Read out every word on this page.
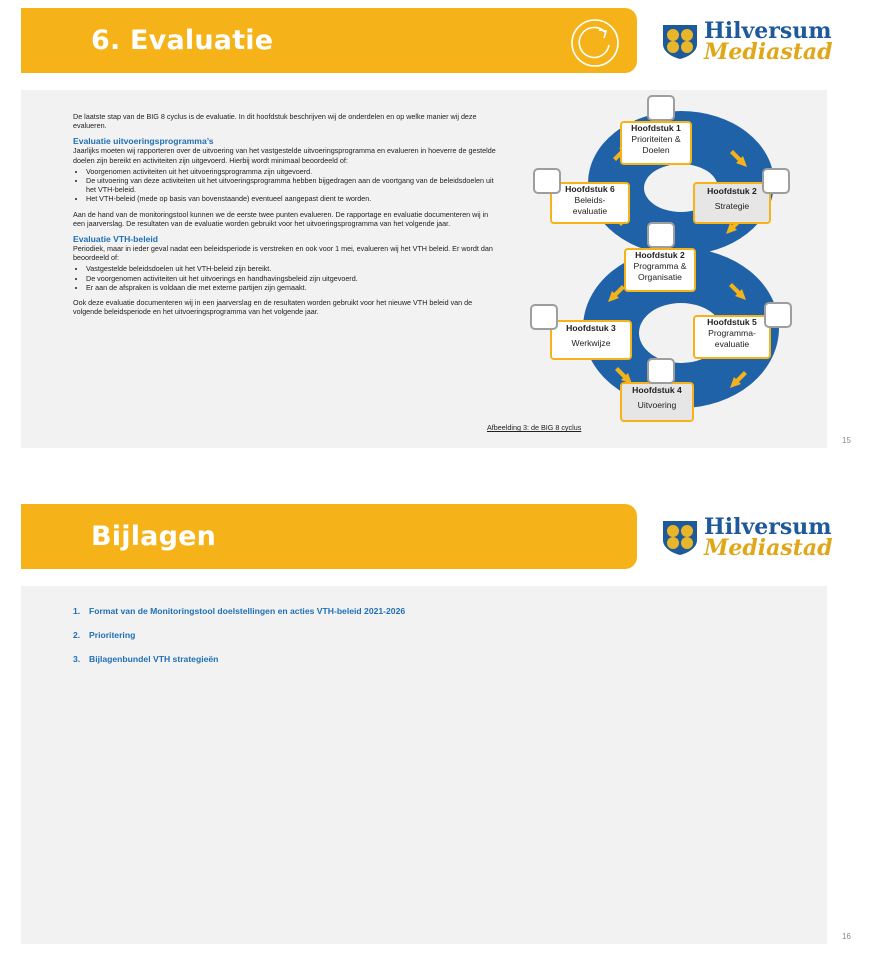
6. Evaluatie	Hilversum
Mediastad

De laatste stap van de BIG 8 cyclus is de evaluatie. In dit hoofdstuk beschrijven wij de onderdelen en op welke manier wij deze evalueren.

Evaluatie uitvoeringsprogramma’s

Jaarlijks moeten wij rapporteren over de uitvoering van het vastgestelde uitvoeringsprogramma en evalueren in hoeverre de gestelde doelen zijn bereikt en activiteiten zijn uitgevoerd. Hierbij wordt minimaal beoordeeld of:

• Voorgenomen activiteiten uit het uitvoeringsprogramma zijn uitgevoerd.
• De uitvoering van deze activiteiten uit het uitvoeringsprogramma hebben bijgedragen aan de voortgang van de beleidsdoelen uit het VTH-beleid.
• Het VTH-beleid (mede op basis van bovenstaande) eventueel aangepast dient te worden.

Aan de hand van de monitoringstool kunnen we de eerste twee punten evalueren. De rapportage en evaluatie documenteren wij in een jaarverslag. De resultaten van de evaluatie worden gebruikt voor het uitvoeringsprogramma van het volgende jaar.

Evaluatie VTH-beleid

Periodiek, maar in ieder geval nadat een beleidsperiode is verstreken en ook voor 1 mei, evalueren wij het VTH beleid. Er wordt dan beoordeeld of:

• Vastgestelde beleidsdoelen uit het VTH-beleid zijn bereikt.
• De voorgenomen activiteiten uit het uitvoerings en handhavingsbeleid zijn uitgevoerd.
• Er aan de afspraken is voldaan die met externe partijen zijn gemaakt.

Ook deze evaluatie documenteren wij in een jaarverslag en de resultaten worden gebruikt voor het nieuwe VTH beleid van de volgende beleidsperiode en het uitvoeringsprogramma van het volgende jaar.

Hoofdstuk 1
Prioriteiten & Doelen
Hoofdstuk 2
Strategie
Hoofdstuk 6
Beleids-evaluatie
Hoofdstuk 2
Programma & Organisatie
Hoofdstuk 3
Werkwijze
Hoofdstuk 5
Programma-evaluatie
Hoofdstuk 4
Uitvoering
Afbeelding 3: de BIG 8 cyclus
15
Bijlagen	Hilversum
Mediastad
1. Format van de Monitoringstool doelstellingen en acties VTH-beleid 2021-2026
2. Prioritering
3. Bijlagenbundel VTH strategieën
16
